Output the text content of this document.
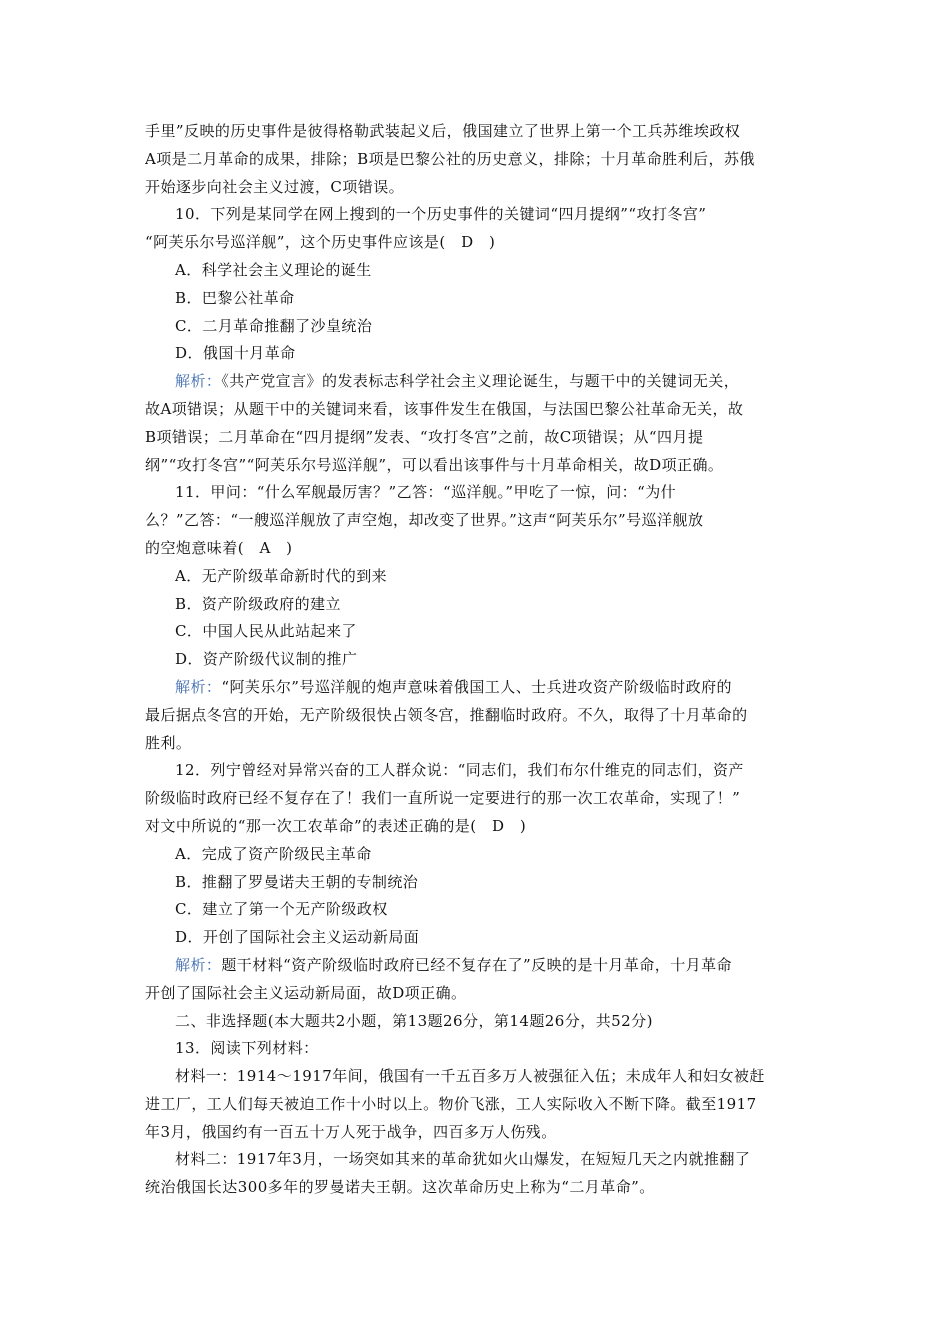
手里”反映的历史事件是彼得格勒武装起义后，俄国建立了世界上第一个工兵苏维埃政权
A项是二月革命的成果，排除；B项是巴黎公社的历史意义，排除；十月革命胜利后，苏俄
开始逐步向社会主义过渡，C项错误。
10．下列是某同学在网上搜到的一个历史事件的关键词“四月提纲”“攻打冬宫”
“阿芙乐尔号巡洋舰”，这个历史事件应该是(　D　)
A．科学社会主义理论的诞生
B．巴黎公社革命
C．二月革命推翻了沙皇统治
D．俄国十月革命
解析：《共产党宣言》的发表标志科学社会主义理论诞生，与题干中的关键词无关，
故A项错误；从题干中的关键词来看，该事件发生在俄国，与法国巴黎公社革命无关，故
B项错误；二月革命在“四月提纲”发表、“攻打冬宫”之前，故C项错误；从“四月提
纲”“攻打冬宫”“阿芙乐尔号巡洋舰”，可以看出该事件与十月革命相关，故D项正确。
11．甲问：“什么军舰最厉害？”乙答：“巡洋舰。”甲吃了一惊，问：“为什
么？”乙答：“一艘巡洋舰放了声空炮，却改变了世界。”这声“阿芙乐尔”号巡洋舰放
的空炮意味着(　A　)
A．无产阶级革命新时代的到来
B．资产阶级政府的建立
C．中国人民从此站起来了
D．资产阶级代议制的推广
解析：“阿芙乐尔”号巡洋舰的炮声意味着俄国工人、士兵进攻资产阶级临时政府的
最后据点冬宫的开始，无产阶级很快占领冬宫，推翻临时政府。不久，取得了十月革命的
胜利。
12．列宁曾经对异常兴奋的工人群众说：“同志们，我们布尔什维克的同志们，资产
阶级临时政府已经不复存在了！我们一直所说一定要进行的那一次工农革命，实现了！”
对文中所说的“那一次工农革命”的表述正确的是(　D　)
A．完成了资产阶级民主革命
B．推翻了罗曼诺夫王朝的专制统治
C．建立了第一个无产阶级政权
D．开创了国际社会主义运动新局面
解析：题干材料“资产阶级临时政府已经不复存在了”反映的是十月革命，十月革命
开创了国际社会主义运动新局面，故D项正确。
二、非选择题(本大题共2小题，第13题26分，第14题26分，共52分)
13．阅读下列材料：
材料一：1914～1917年间，俄国有一千五百多万人被强征入伍；未成年人和妇女被赶
进工厂，工人们每天被迫工作十小时以上。物价飞涨，工人实际收入不断下降。截至1917
年3月，俄国约有一百五十万人死于战争，四百多万人伤残。
材料二：1917年3月，一场突如其来的革命犹如火山爆发，在短短几天之内就推翻了
统治俄国长达300多年的罗曼诺夫王朝。这次革命历史上称为“二月革命”。
